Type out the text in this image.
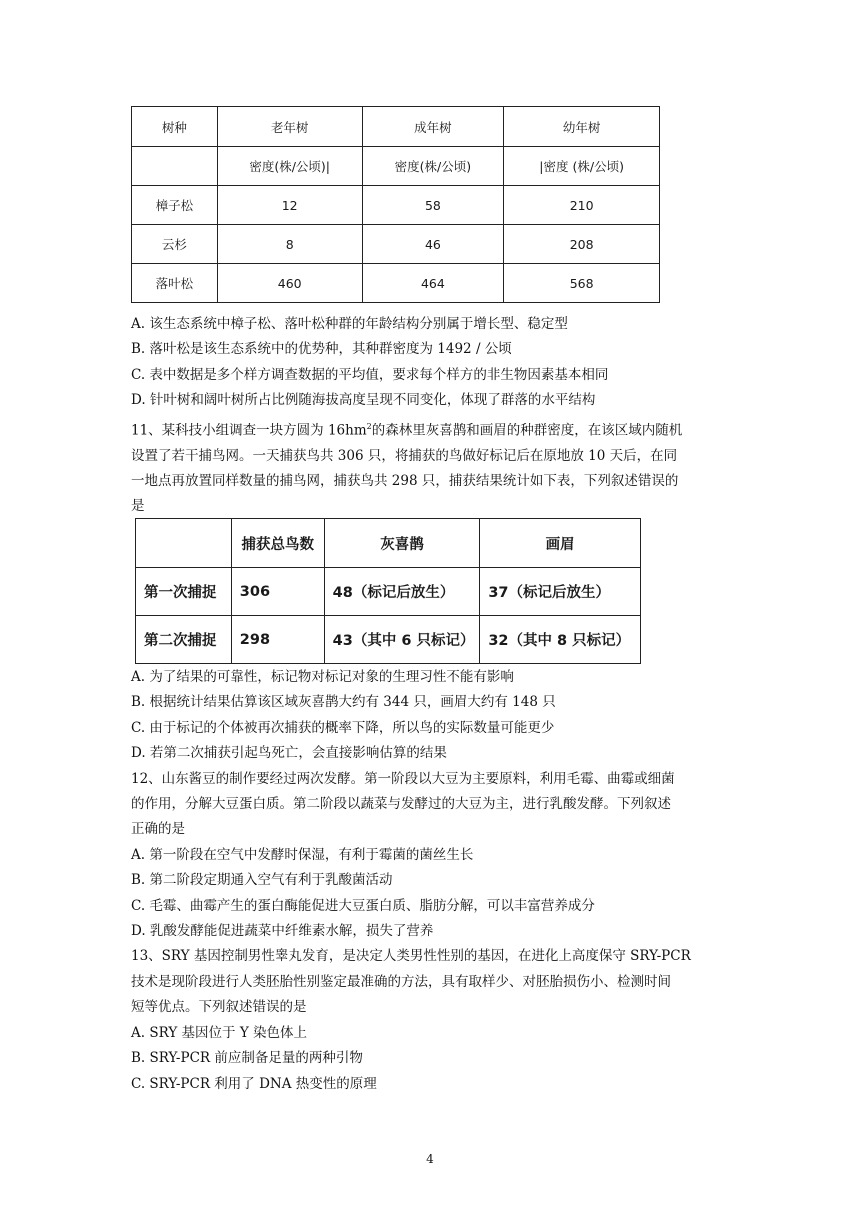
树种	老年树	成年树	幼年树
	密度(株/公顷)|	密度(株/公顷)	|密度 (株/公顷)
樟子松	12	58	210
云杉	8	46	208
落叶松	460	464	568

A. 该生态系统中樟子松、落叶松种群的年龄结构分别属于增长型、稳定型

B. 落叶松是该生态系统中的优势种，其种群密度为 1492 / 公顷

C. 表中数据是多个样方调查数据的平均值，要求每个样方的非生物因素基本相同

D. 针叶树和阔叶树所占比例随海拔高度呈现不同变化，体现了群落的水平结构

11、某科技小组调查一块方圆为 $16hm^2$的森林里灰喜鹊和画眉的种群密度，在该区域内随机

设置了若干捕鸟网。一天捕获鸟共 306 只，将捕获的鸟做好标记后在原地放 10 天后，在同

一地点再放置同样数量的捕鸟网，捕获鸟共 298 只，捕获结果统计如下表，下列叙述错误的

是

	捕获总鸟数	灰喜鹊	画眉
第一次捕捉	306	48（标记后放生）	37（标记后放生）
第二次捕捉	298	43（其中 6 只标记）	32（其中 8 只标记）

A. 为了结果的可靠性，标记物对标记对象的生理习性不能有影响

B. 根据统计结果估算该区域灰喜鹊大约有 344 只，画眉大约有 148 只

C. 由于标记的个体被再次捕获的概率下降，所以鸟的实际数量可能更少

D. 若第二次捕获引起鸟死亡，会直接影响估算的结果

12、山东酱豆的制作要经过两次发酵。第一阶段以大豆为主要原料，利用毛霉、曲霉或细菌

的作用，分解大豆蛋白质。第二阶段以蔬菜与发酵过的大豆为主，进行乳酸发酵。下列叙述

正确的是

A. 第一阶段在空气中发酵时保湿，有利于霉菌的菌丝生长

B. 第二阶段定期通入空气有利于乳酸菌活动

C. 毛霉、曲霉产生的蛋白酶能促进大豆蛋白质、脂肪分解，可以丰富营养成分

D. 乳酸发酵能促进蔬菜中纤维素水解，损失了营养

13、SRY 基因控制男性睾丸发育，是决定人类男性性别的基因，在进化上高度保守 SRY-PCR

技术是现阶段进行人类胚胎性别鉴定最准确的方法，具有取样少、对胚胎损伤小、检测时间

短等优点。下列叙述错误的是

A. SRY 基因位于 Y 染色体上

B. SRY-PCR 前应制备足量的两种引物

C. SRY-PCR 利用了 DNA 热变性的原理

4
